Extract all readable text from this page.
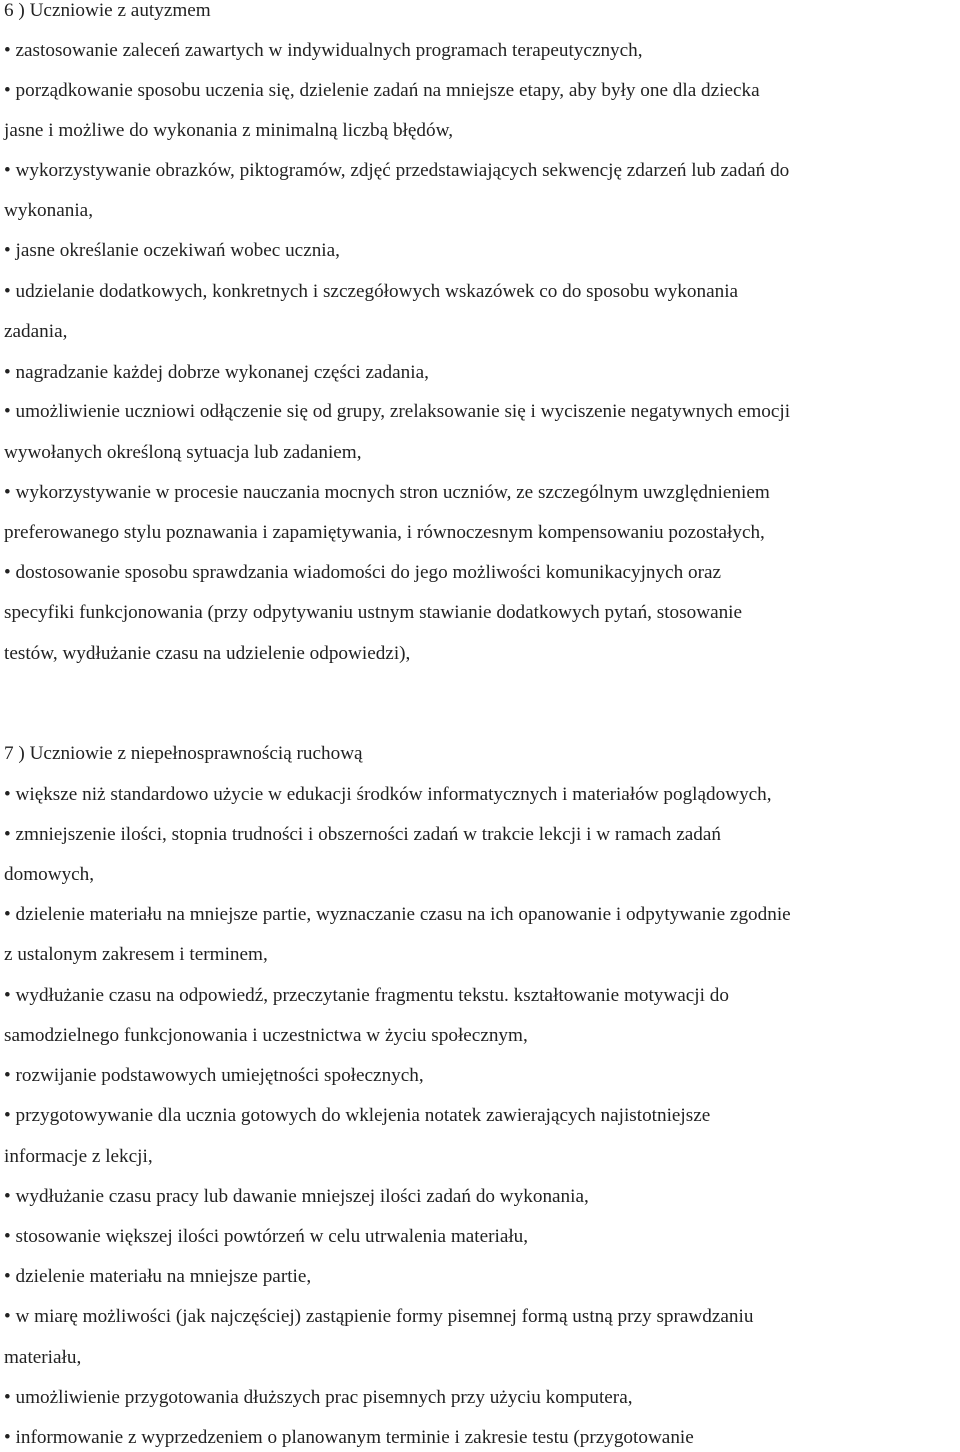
6 ) Uczniowie z autyzmem
• zastosowanie zaleceń zawartych w indywidualnych programach terapeutycznych,
• porządkowanie sposobu uczenia się, dzielenie zadań na mniejsze etapy, aby były one dla dziecka
jasne i możliwe do wykonania z minimalną liczbą błędów,
• wykorzystywanie obrazków, piktogramów, zdjęć przedstawiających sekwencję zdarzeń lub zadań do
wykonania,
• jasne określanie oczekiwań wobec ucznia,
• udzielanie dodatkowych, konkretnych i szczegółowych wskazówek co do sposobu wykonania
zadania,
• nagradzanie każdej dobrze wykonanej części zadania,
• umożliwienie uczniowi odłączenie się od grupy, zrelaksowanie się i wyciszenie negatywnych emocji
wywołanych określoną sytuacja lub zadaniem,
• wykorzystywanie w procesie nauczania mocnych stron uczniów, ze szczególnym uwzględnieniem
preferowanego stylu poznawania i zapamiętywania, i równoczesnym kompensowaniu pozostałych,
• dostosowanie sposobu sprawdzania wiadomości do jego możliwości komunikacyjnych oraz
specyfiki funkcjonowania (przy odpytywaniu ustnym stawianie dodatkowych pytań, stosowanie
testów, wydłużanie czasu na udzielenie odpowiedzi),
7 ) Uczniowie z niepełnosprawnością ruchową
• większe niż standardowo użycie w edukacji środków informatycznych i materiałów poglądowych,
• zmniejszenie ilości, stopnia trudności i obszerności zadań w trakcie lekcji i w ramach zadań
domowych,
• dzielenie materiału na mniejsze partie, wyznaczanie czasu na ich opanowanie i odpytywanie zgodnie
z ustalonym zakresem i terminem,
• wydłużanie czasu na odpowiedź, przeczytanie fragmentu tekstu. kształtowanie motywacji do
samodzielnego funkcjonowania i uczestnictwa w życiu społecznym,
• rozwijanie podstawowych umiejętności społecznych,
• przygotowywanie dla ucznia gotowych do wklejenia notatek zawierających najistotniejsze
informacje z lekcji,
• wydłużanie czasu pracy lub dawanie mniejszej ilości zadań do wykonania,
• stosowanie większej ilości powtórzeń w celu utrwalenia materiału,
• dzielenie materiału na mniejsze partie,
• w miarę możliwości (jak najczęściej) zastąpienie formy pisemnej formą ustną przy sprawdzaniu
materiału,
• umożliwienie przygotowania dłuższych prac pisemnych przy użyciu komputera,
• informowanie z wyprzedzeniem o planowanym terminie i zakresie testu (przygotowanie
